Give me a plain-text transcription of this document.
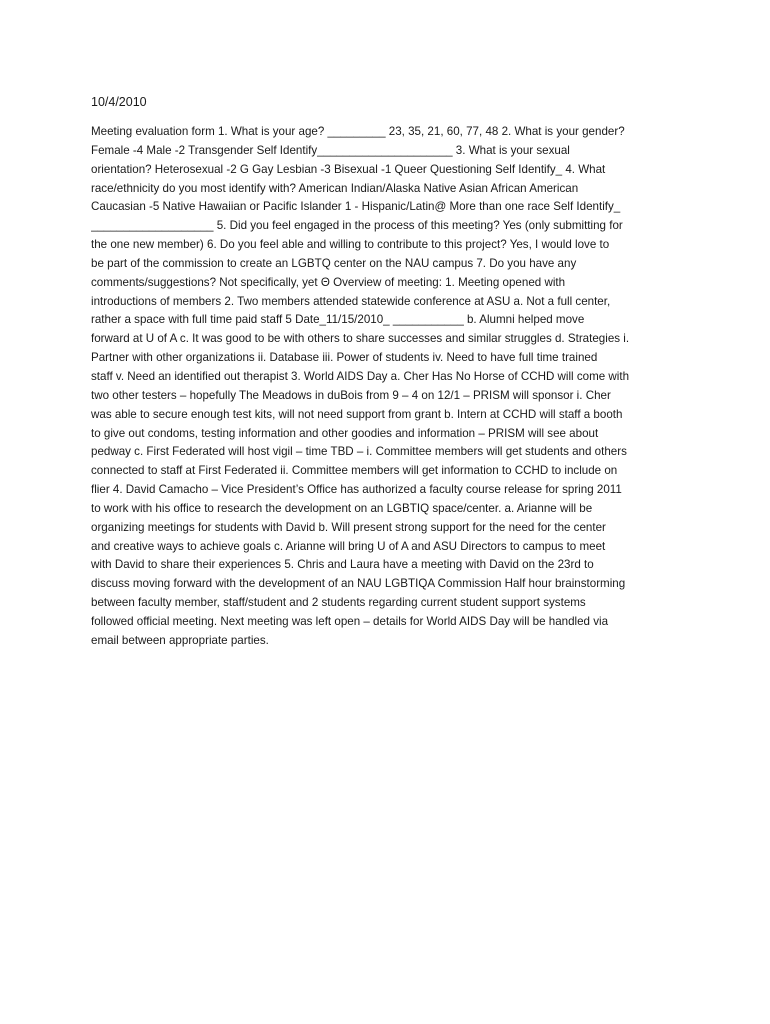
10/4/2010
Meeting evaluation form 1. What is your age? _________ 23, 35, 21, 60, 77, 48 2. What is your gender?
Female -4 Male -2 Transgender Self Identify_____________________ 3. What is your sexual
orientation? Heterosexual -2 G Gay Lesbian -3 Bisexual -1 Queer Questioning Self Identify_ 4. What
race/ethnicity do you most identify with? American Indian/Alaska Native Asian African American
Caucasian -5 Native Hawaiian or Pacific Islander 1 - Hispanic/Latin@ More than one race Self Identify_
___________________ 5. Did you feel engaged in the process of this meeting? Yes (only submitting for
the one new member) 6. Do you feel able and willing to contribute to this project? Yes, I would love to
be part of the commission to create an LGBTQ center on the NAU campus 7. Do you have any
comments/suggestions? Not specifically, yet Θ Overview of meeting: 1. Meeting opened with
introductions of members 2. Two members attended statewide conference at ASU a. Not a full center,
rather a space with full time paid staff 5 Date_11/15/2010_ ___________ b. Alumni helped move
forward at U of A c. It was good to be with others to share successes and similar struggles d. Strategies i.
Partner with other organizations ii. Database iii. Power of students iv. Need to have full time trained
staff v. Need an identified out therapist 3. World AIDS Day a. Cher Has No Horse of CCHD will come with
two other testers – hopefully The Meadows in duBois from 9 – 4 on 12/1 – PRISM will sponsor i. Cher
was able to secure enough test kits, will not need support from grant b. Intern at CCHD will staff a booth
to give out condoms, testing information and other goodies and information – PRISM will see about
pedway c. First Federated will host vigil – time TBD – i. Committee members will get students and others
connected to staff at First Federated ii. Committee members will get information to CCHD to include on
flier 4. David Camacho – Vice President’s Office has authorized a faculty course release for spring 2011
to work with his office to research the development on an LGBTIQ space/center. a. Arianne will be
organizing meetings for students with David b. Will present strong support for the need for the center
and creative ways to achieve goals c. Arianne will bring U of A and ASU Directors to campus to meet
with David to share their experiences 5. Chris and Laura have a meeting with David on the 23rd to
discuss moving forward with the development of an NAU LGBTIQA Commission Half hour brainstorming
between faculty member, staff/student and 2 students regarding current student support systems
followed official meeting. Next meeting was left open – details for World AIDS Day will be handled via
email between appropriate parties.
